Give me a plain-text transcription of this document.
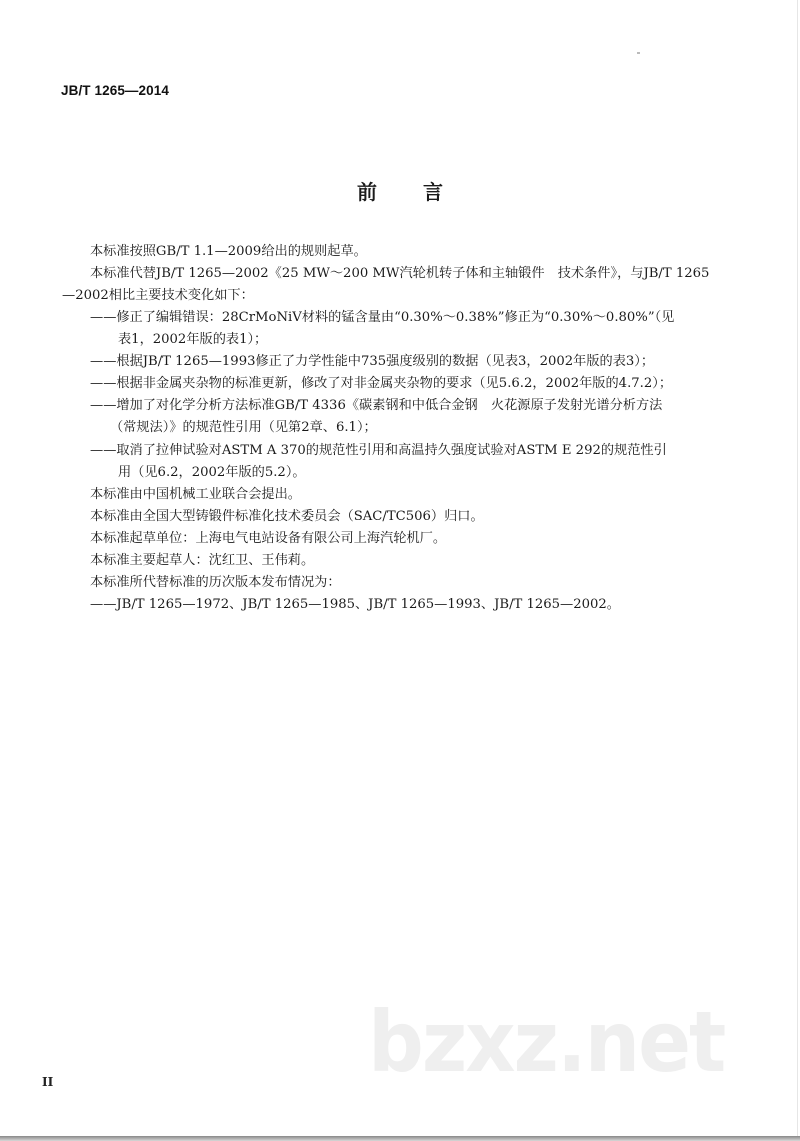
JB/T 1265—2014
前 言
本标准按照GB/T 1.1—2009给出的规则起草。
本标准代替JB/T 1265—2002《25 MW～200 MW汽轮机转子体和主轴锻件　技术条件》，与JB/T 1265
—2002相比主要技术变化如下：
——修正了编辑错误：28CrMoNiV材料的锰含量由“0.30%～0.38%”修正为“0.30%～0.80%”（见
表1，2002年版的表1）；
——根据JB/T 1265—1993修正了力学性能中735强度级别的数据（见表3，2002年版的表3）；
——根据非金属夹杂物的标准更新，修改了对非金属夹杂物的要求（见5.6.2，2002年版的4.7.2）；
——增加了对化学分析方法标准GB/T 4336《碳素钢和中低合金钢　火花源原子发射光谱分析方法
（常规法）》的规范性引用（见第2章、6.1）；
——取消了拉伸试验对ASTM A 370的规范性引用和高温持久强度试验对ASTM E 292的规范性引
用（见6.2，2002年版的5.2）。
本标准由中国机械工业联合会提出。
本标准由全国大型铸锻件标准化技术委员会（SAC/TC506）归口。
本标准起草单位：上海电气电站设备有限公司上海汽轮机厂。
本标准主要起草人：沈红卫、王伟莉。
本标准所代替标准的历次版本发布情况为：
——JB/T 1265—1972、JB/T 1265—1985、JB/T 1265—1993、JB/T 1265—2002。
bzxz.net
II
